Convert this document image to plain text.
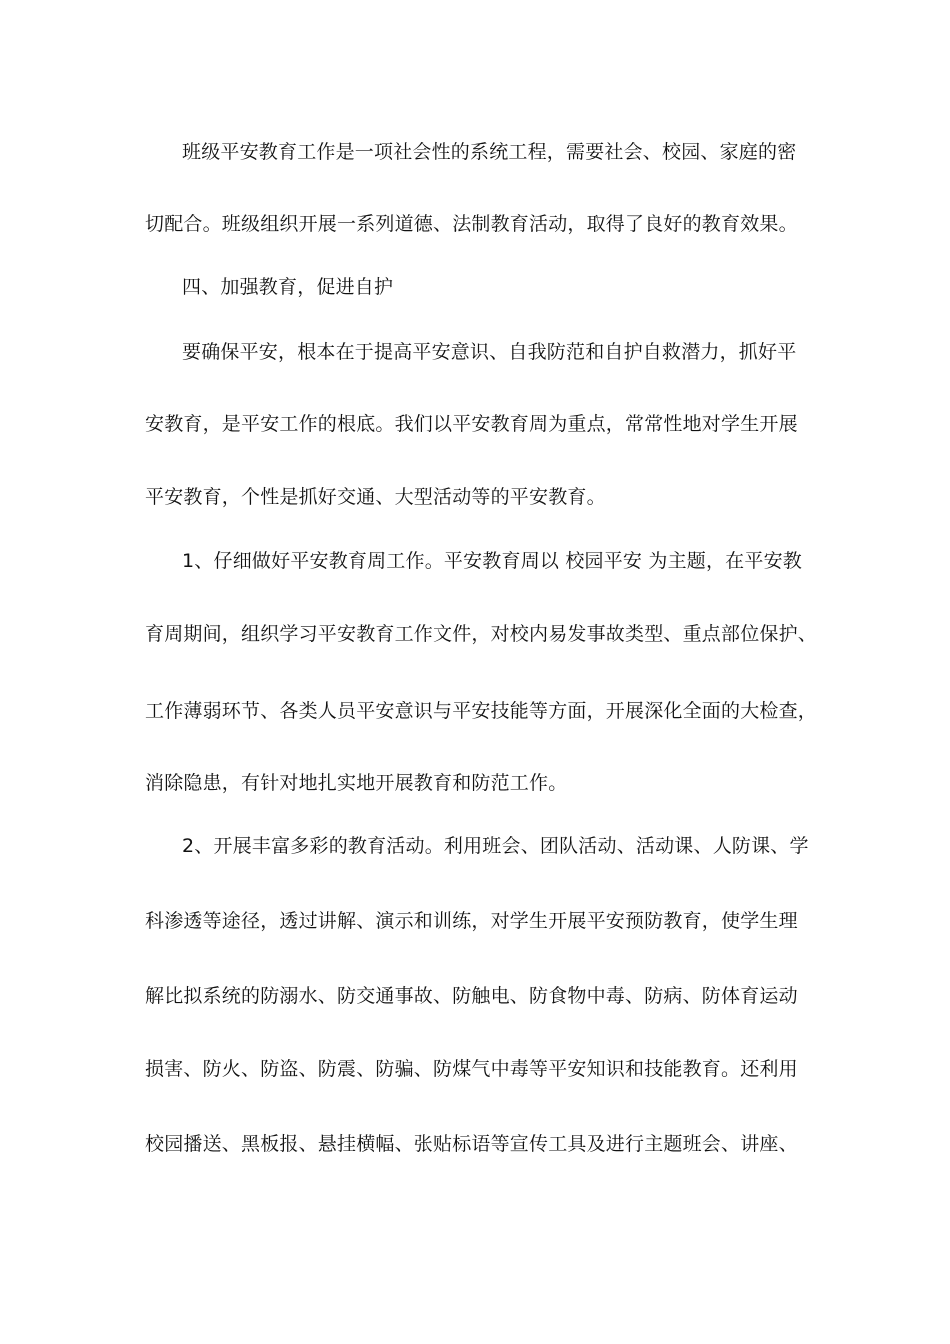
班级平安教育工作是一项社会性的系统工程，需要社会、校园、家庭的密
切配合。班级组织开展一系列道德、法制教育活动，取得了良好的教育效果。
四、加强教育，促进自护
要确保平安，根本在于提高平安意识、自我防范和自护自救潜力，抓好平
安教育，是平安工作的根底。我们以平安教育周为重点，常常性地对学生开展
平安教育，个性是抓好交通、大型活动等的平安教育。
1、仔细做好平安教育周工作。平安教育周以 校园平安 为主题，在平安教
育周期间，组织学习平安教育工作文件，对校内易发事故类型、重点部位保护、
工作薄弱环节、各类人员平安意识与平安技能等方面，开展深化全面的大检查，
消除隐患，有针对地扎实地开展教育和防范工作。
2、开展丰富多彩的教育活动。利用班会、团队活动、活动课、人防课、学
科渗透等途径，透过讲解、演示和训练，对学生开展平安预防教育，使学生理
解比拟系统的防溺水、防交通事故、防触电、防食物中毒、防病、防体育运动
损害、防火、防盗、防震、防骗、防煤气中毒等平安知识和技能教育。还利用
校园播送、黑板报、悬挂横幅、张贴标语等宣传工具及进行主题班会、讲座、
